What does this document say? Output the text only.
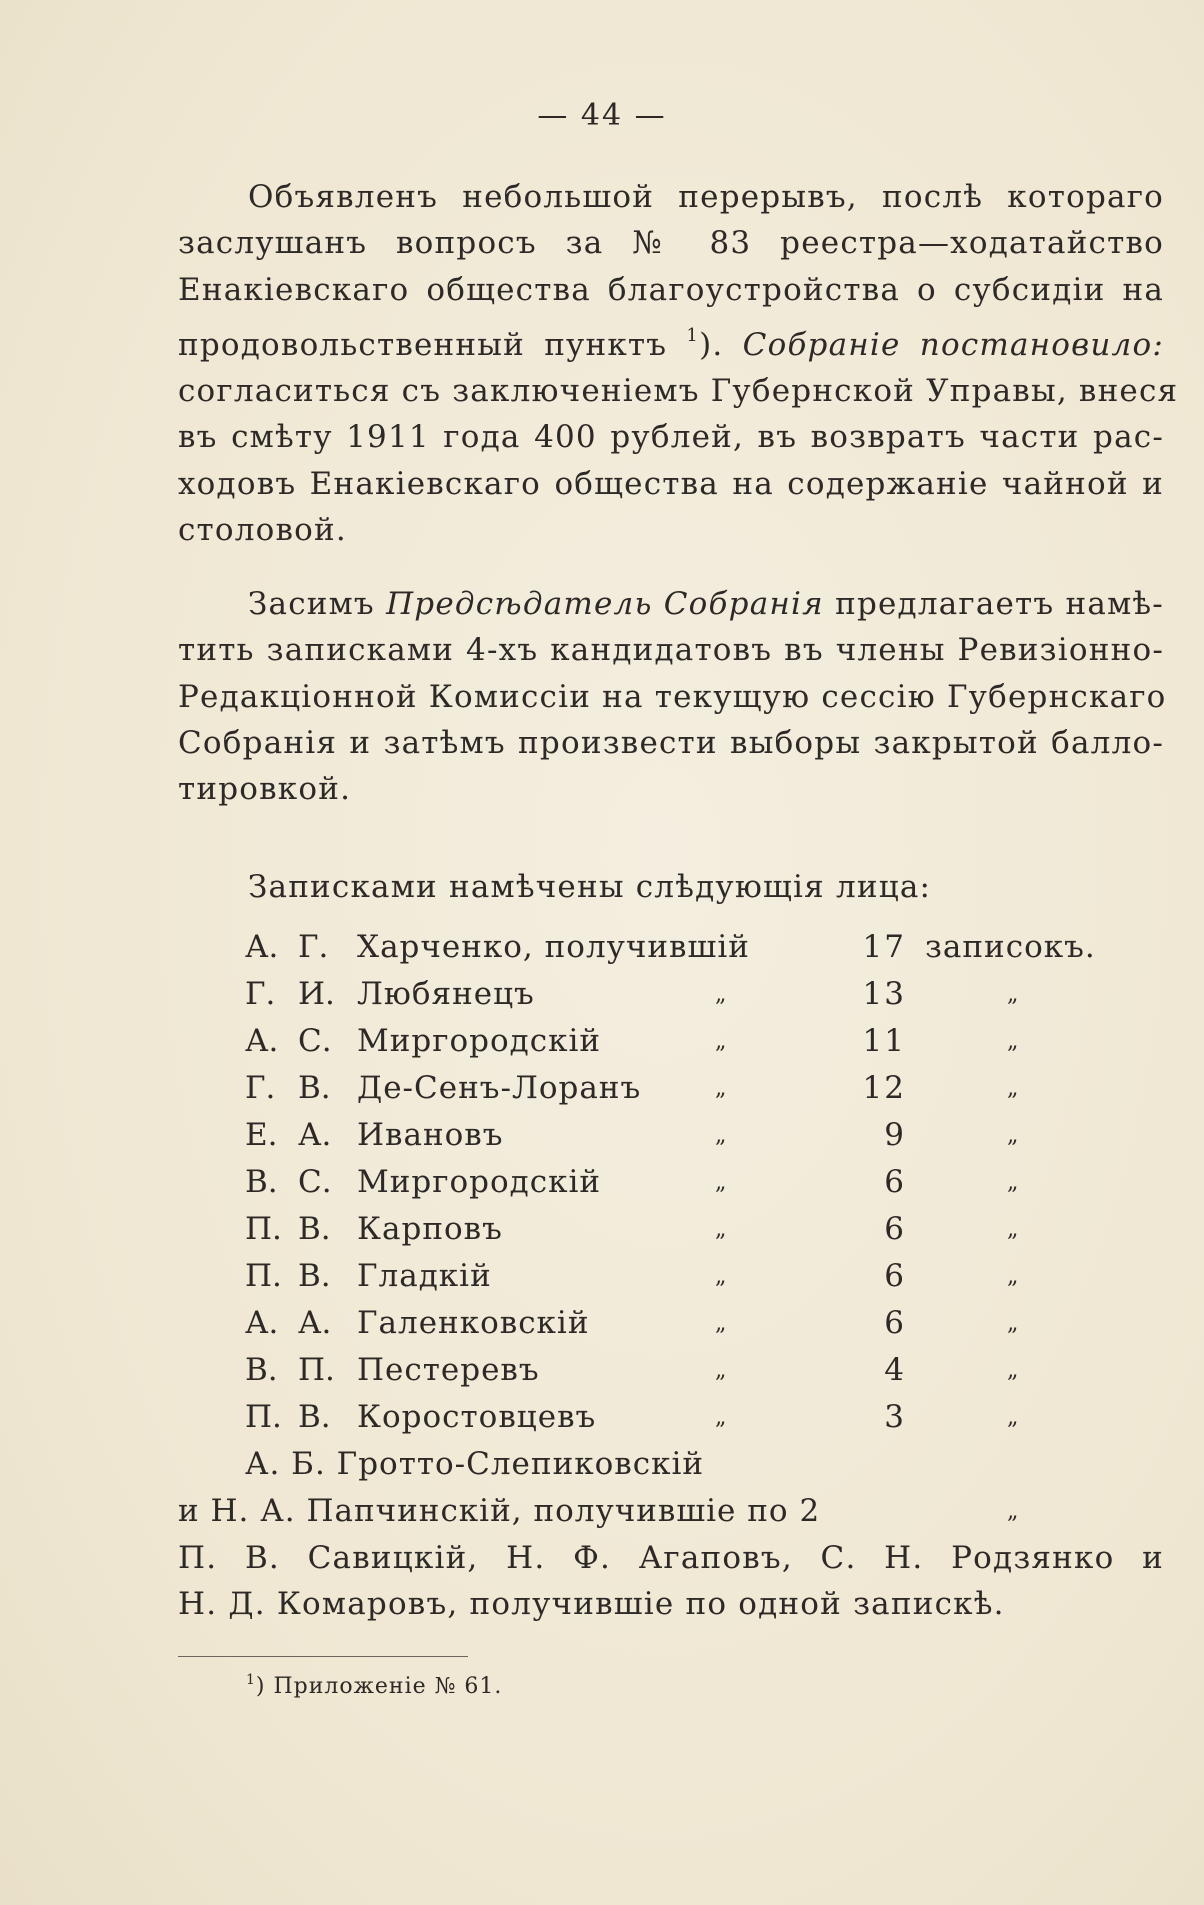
— 44 —
Объявленъ небольшой перерывъ, послѣ котораго
заслушанъ вопросъ за № 83 реестра—ходатайство
Енакіевскаго общества благоустройства о субсидіи на
продовольственный пунктъ $^1$). Собраніе постановило:
согласиться съ заключеніемъ Губернской Управы, внеся
въ смѣту 1911 года 400 рублей, въ возвратъ части рас-
ходовъ Енакіевскаго общества на содержаніе чайной и
столовой.
Засимъ Предсѣдатель Собранія предлагаетъ намѣ-
тить записками 4-хъ кандидатовъ въ члены Ревизіонно-
Редакціонной Комиссіи на текущую сессію Губернскаго
Собранія и затѣмъ произвести выборы закрытой балло-
тировкой.
Записками намѣчены слѣдующія лица:
А. Г. Харченко, получившій	17 записокъ.
Г. И. Любянецъ	„	13	„
А. С. Миргородскій	„	11	„
Г. В. Де-Сенъ-Лоранъ	„	12	„
Е. А. Ивановъ	„	9	„
В. С. Миргородскій	„	6	„
П. В. Карповъ	„	6	„
П. В. Гладкій	„	6	„
А. А. Галенковскій	„	6	„
В. П. Пестеревъ	„	4	„
П. В. Коростовцевъ	„	3	„
А. Б. Гротто-Слепиковскій
и Н. А. Папчинскій, получившіе по 2	„
П. В. Савицкій, Н. Ф. Агаповъ, С. Н. Родзянко и
Н. Д. Комаровъ, получившіе по одной запискѣ.
$^1$) Приложеніе № 61.
